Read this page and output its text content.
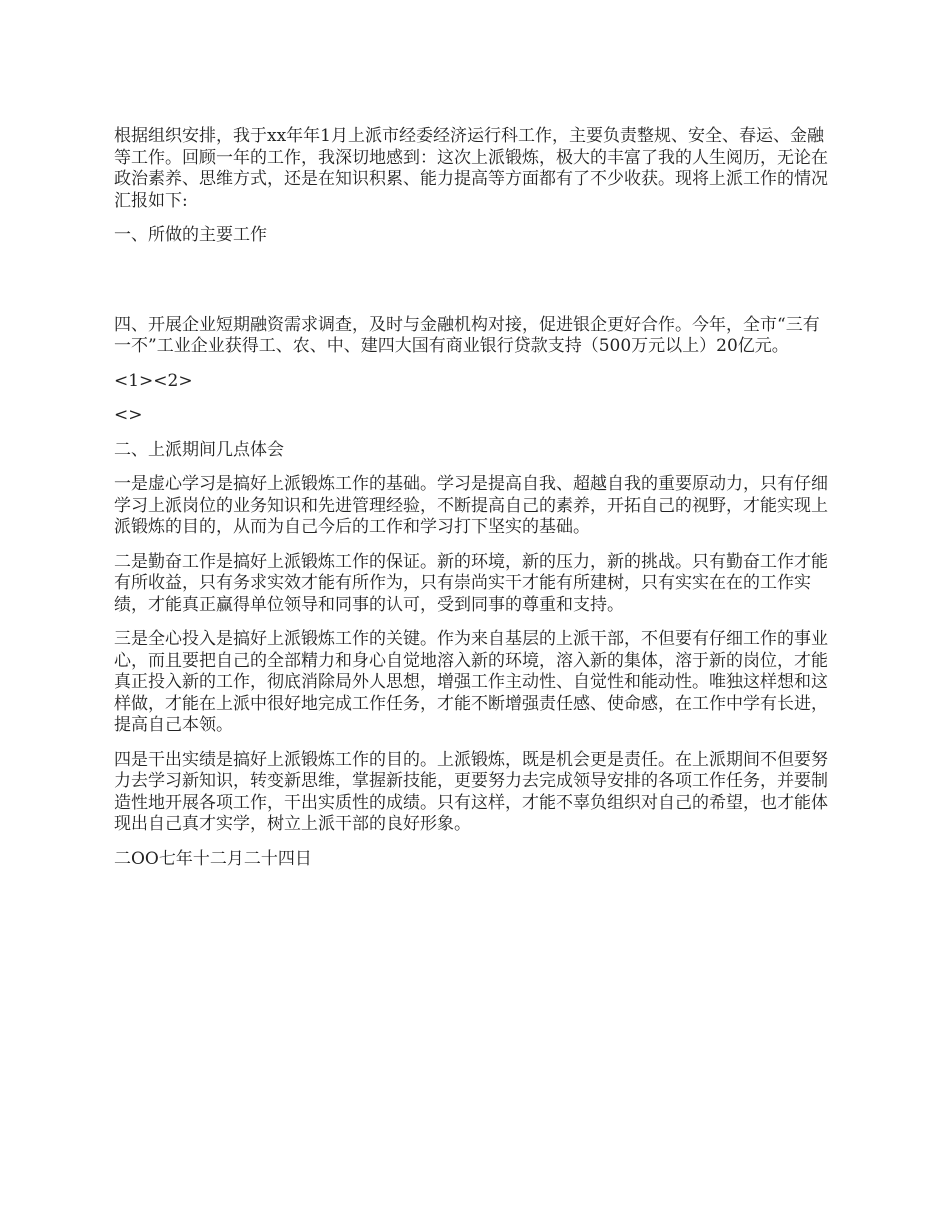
根据组织安排，我于xx年年1月上派市经委经济运行科工作，主要负责整规、安全、春运、金融等工作。回顾一年的工作，我深切地感到：这次上派锻炼，极大的丰富了我的人生阅历，无论在政治素养、思维方式，还是在知识积累、能力提高等方面都有了不少收获。现将上派工作的情况汇报如下:

一、所做的主要工作

四、开展企业短期融资需求调查，及时与金融机构对接，促进银企更好合作。今年，全市“三有一不”工业企业获得工、农、中、建四大国有商业银行贷款支持（500万元以上）20亿元。

<1><2>

<>

二、上派期间几点体会

一是虚心学习是搞好上派锻炼工作的基础。学习是提高自我、超越自我的重要原动力，只有仔细学习上派岗位的业务知识和先进管理经验，不断提高自己的素养，开拓自己的视野，才能实现上派锻炼的目的，从而为自己今后的工作和学习打下坚实的基础。

二是勤奋工作是搞好上派锻炼工作的保证。新的环境，新的压力，新的挑战。只有勤奋工作才能有所收益，只有务求实效才能有所作为，只有崇尚实干才能有所建树，只有实实在在的工作实绩，才能真正赢得单位领导和同事的认可，受到同事的尊重和支持。

三是全心投入是搞好上派锻炼工作的关键。作为来自基层的上派干部，不但要有仔细工作的事业心，而且要把自己的全部精力和身心自觉地溶入新的环境，溶入新的集体，溶于新的岗位，才能真正投入新的工作，彻底消除局外人思想，增强工作主动性、自觉性和能动性。唯独这样想和这样做，才能在上派中很好地完成工作任务，才能不断增强责任感、使命感，在工作中学有长进，提高自己本领。

四是干出实绩是搞好上派锻炼工作的目的。上派锻炼，既是机会更是责任。在上派期间不但要努力去学习新知识，转变新思维，掌握新技能，更要努力去完成领导安排的各项工作任务，并要制造性地开展各项工作，干出实质性的成绩。只有这样，才能不辜负组织对自己的希望，也才能体现出自己真才实学，树立上派干部的良好形象。

二OO七年十二月二十四日
